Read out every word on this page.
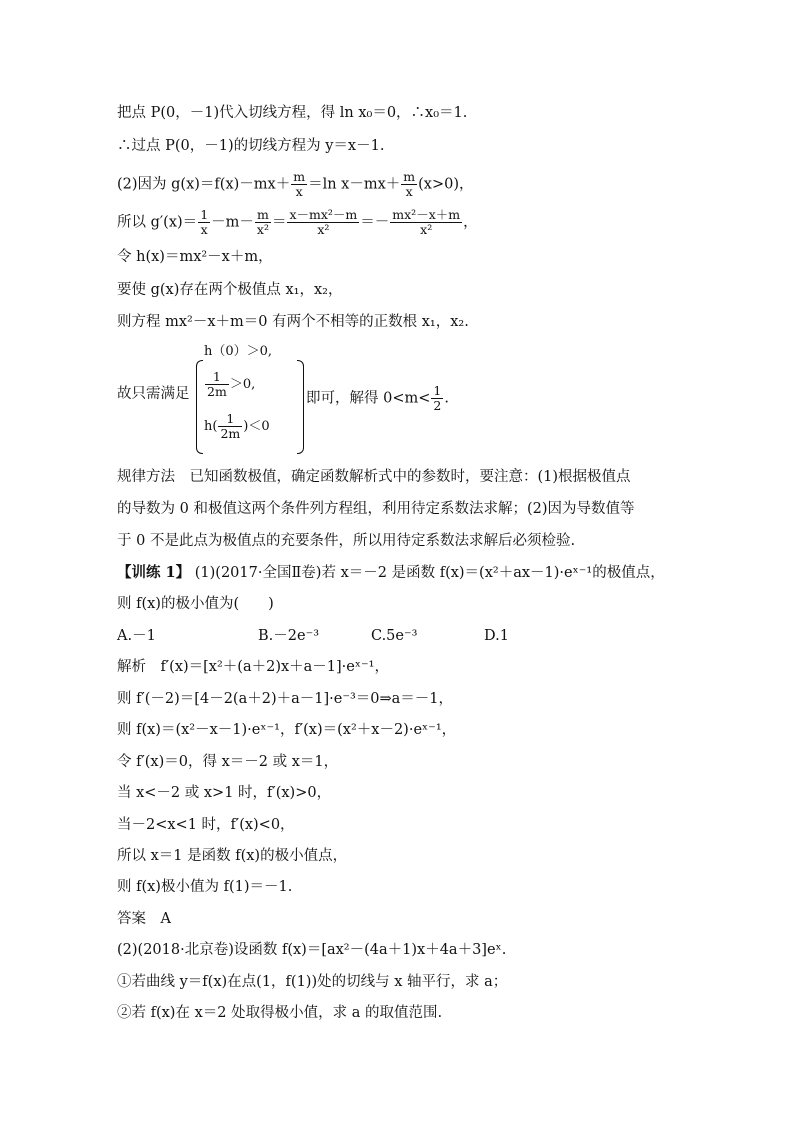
把点 P(0，－1)代入切线方程，得 ln x₀＝0，∴x₀＝1.
∴过点 P(0，－1)的切线方程为 y＝x－1.
(2)因为 $g(x)=f(x)-mx+ \frac{m}{x} =\ln$ $x-mx+ \frac{m}{x} (x>0)$，
所以 $g'(x)= \frac{1}{x} -m- \frac{m}{\text{x²}} = \frac{\text{x－mx²－m}}{\text{x²}} =- \frac{\text{mx²－x＋m}}{\text{x²}}$ ，
令 h(x)＝mx²－x＋m，
要使 g(x)存在两个极值点 x₁，x₂，
则方程 mx²－x＋m＝0 有两个不相等的正数根 x₁，x₂.
故只需满足
h（0）＞0,
$\frac{1}{2m} >0$,
$h( \frac{1}{2m} )<0$
即可，解得 $0<m< \frac{1}{2}$ .
规律方法　已知函数极值，确定函数解析式中的参数时，要注意：(1)根据极值点
的导数为 0 和极值这两个条件列方程组，利用待定系数法求解；(2)因为导数值等
于 0 不是此点为极值点的充要条件，所以用待定系数法求解后必须检验.
【训练 1】 (1)(2017·全国Ⅱ卷)若 x＝－2 是函数 f(x)＝(x²＋ax－1)·eˣ⁻¹的极值点，
则 f(x)的极小值为(　　)
A.－1	B.－2e⁻³	C.5e⁻³	D.1
解析　f′(x)＝[x²＋(a＋2)x＋a－1]·eˣ⁻¹，
则 f′(－2)＝[4－2(a＋2)＋a－1]·e⁻³＝0⇒a＝－1，
则 f(x)＝(x²－x－1)·eˣ⁻¹，f′(x)＝(x²＋x－2)·eˣ⁻¹，
令 f′(x)＝0，得 x＝－2 或 x＝1，
当 x<－2 或 x>1 时，f′(x)>0，
当－2<x<1 时，f′(x)<0，
所以 x＝1 是函数 f(x)的极小值点，
则 f(x)极小值为 f(1)＝－1.
答案　A
(2)(2018·北京卷)设函数 f(x)＝[ax²－(4a＋1)x＋4a＋3]eˣ.
①若曲线 y＝f(x)在点(1，f(1))处的切线与 x 轴平行，求 a；
②若 f(x)在 x＝2 处取得极小值，求 a 的取值范围.
